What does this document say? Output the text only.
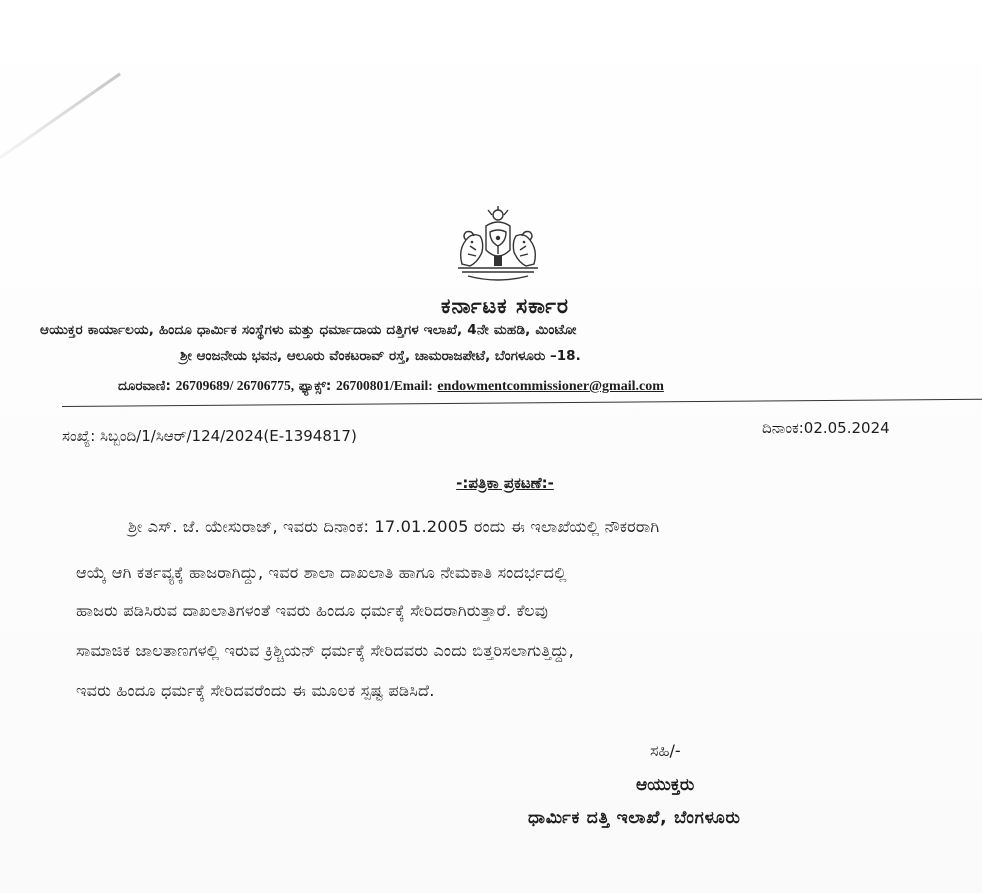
ಕರ್ನಾಟಕ ಸರ್ಕಾರ
ಆಯುಕ್ತರ ಕಾರ್ಯಾಲಯ, ಹಿಂದೂ ಧಾರ್ಮಿಕ ಸಂಸ್ಥೆಗಳು ಮತ್ತು ಧರ್ಮಾದಾಯ ದತ್ತಿಗಳ ಇಲಾಖೆ, 4ನೇ ಮಹಡಿ, ಮಿಂಟೋ
ಶ್ರೀ ಆಂಜನೇಯ ಭವನ, ಆಲೂರು ವೆಂಕಟರಾವ್ ರಸ್ತೆ, ಚಾಮರಾಜಪೇಟೆ, ಬೆಂಗಳೂರು –18.
ದೂರವಾಣಿ: 26709689/ 26706775, ಫ್ಯಾಕ್ಸ್: 26700801/Email: endowmentcommissioner@gmail.com
ಸಂಖ್ಯೆ: ಸಿಬ್ಬಂದಿ/1/ಸಿಆರ್/124/2024(E-1394817)	ದಿನಾಂಕ:02.05.2024
-:ಪತ್ರಿಕಾ ಪ್ರಕಟಣೆ:-
ಶ್ರೀ ಎಸ್. ಜೆ. ಯೇಸುರಾಜ್, ಇವರು ದಿನಾಂಕ: 17.01.2005 ರಂದು ಈ ಇಲಾಖೆಯಲ್ಲಿ ನೌಕರರಾಗಿ
ಆಯ್ಕೆ ಆಗಿ ಕರ್ತವ್ಯಕ್ಕೆ ಹಾಜರಾಗಿದ್ದು, ಇವರ ಶಾಲಾ ದಾಖಲಾತಿ ಹಾಗೂ ನೇಮಕಾತಿ ಸಂದರ್ಭದಲ್ಲಿ
ಹಾಜರು ಪಡಿಸಿರುವ ದಾಖಲಾತಿಗಳಂತೆ ಇವರು ಹಿಂದೂ ಧರ್ಮಕ್ಕೆ ಸೇರಿದರಾಗಿರುತ್ತಾರೆ. ಕೆಲವು
ಸಾಮಾಜಿಕ ಜಾಲತಾಣಗಳಲ್ಲಿ ಇರುವ ಕ್ರಿಶ್ಚಿಯನ್ ಧರ್ಮಕ್ಕೆ ಸೇರಿದವರು ಎಂದು ಬಿತ್ತರಿಸಲಾಗುತ್ತಿದ್ದು,
ಇವರು ಹಿಂದೂ ಧರ್ಮಕ್ಕೆ ಸೇರಿದವರೆಂದು ಈ ಮೂಲಕ ಸ್ಪಷ್ಟ ಪಡಿಸಿದೆ.
ಸಹಿ/-
ಆಯುಕ್ತರು
ಧಾರ್ಮಿಕ ದತ್ತಿ ಇಲಾಖೆ, ಬೆಂಗಳೂರು
